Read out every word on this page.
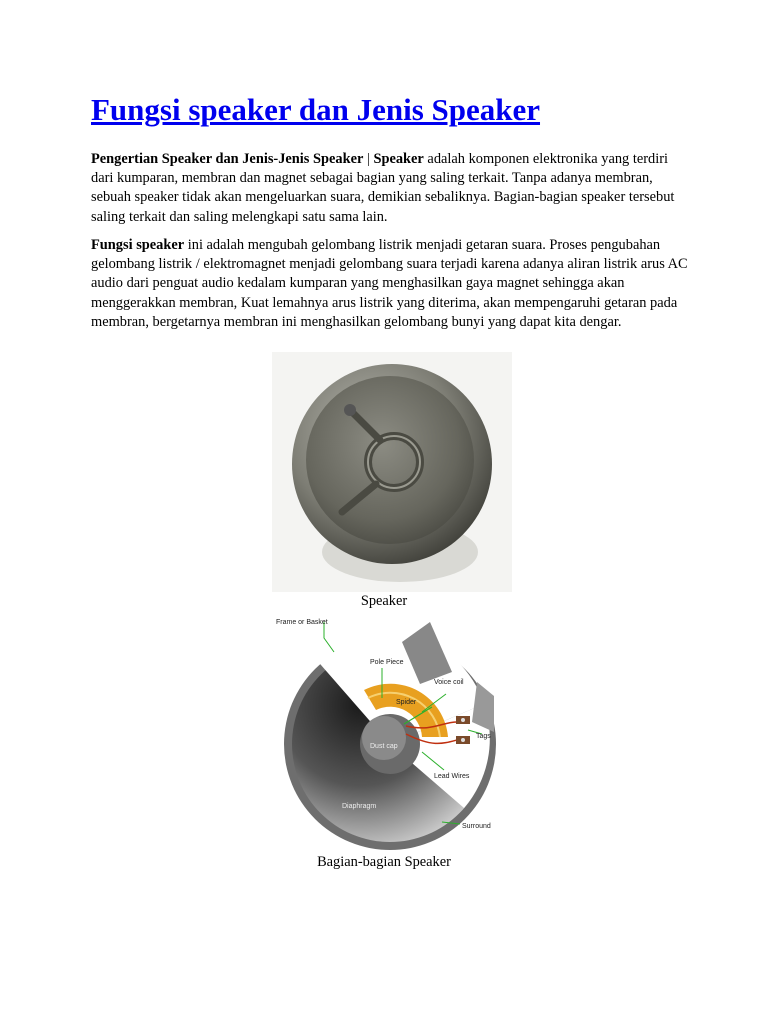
Fungsi speaker dan Jenis Speaker

Pengertian Speaker dan Jenis-Jenis Speaker | Speaker adalah komponen elektronika yang terdiri dari kumparan, membran dan magnet sebagai bagian yang saling terkait. Tanpa adanya membran, sebuah speaker tidak akan mengeluarkan suara, demikian sebaliknya. Bagian-bagian speaker tersebut saling terkait dan saling melengkapi satu sama lain.

Fungsi speaker ini adalah mengubah gelombang listrik menjadi getaran suara. Proses pengubahan gelombang listrik / elektromagnet menjadi gelombang suara terjadi karena adanya aliran listrik arus AC audio dari penguat audio kedalam kumparan yang menghasilkan gaya magnet sehingga akan menggerakkan membran, Kuat lemahnya arus listrik yang diterima, akan mempengaruhi getaran pada membran, bergetarnya membran ini menghasilkan gelombang bunyi yang dapat kita dengar.

Speaker
Frame or Basket
Pole Piece
Voice coil
Spider
Tags
Dust cap
Lead Wires
Diaphragm
Surround
Bagian-bagian Speaker
